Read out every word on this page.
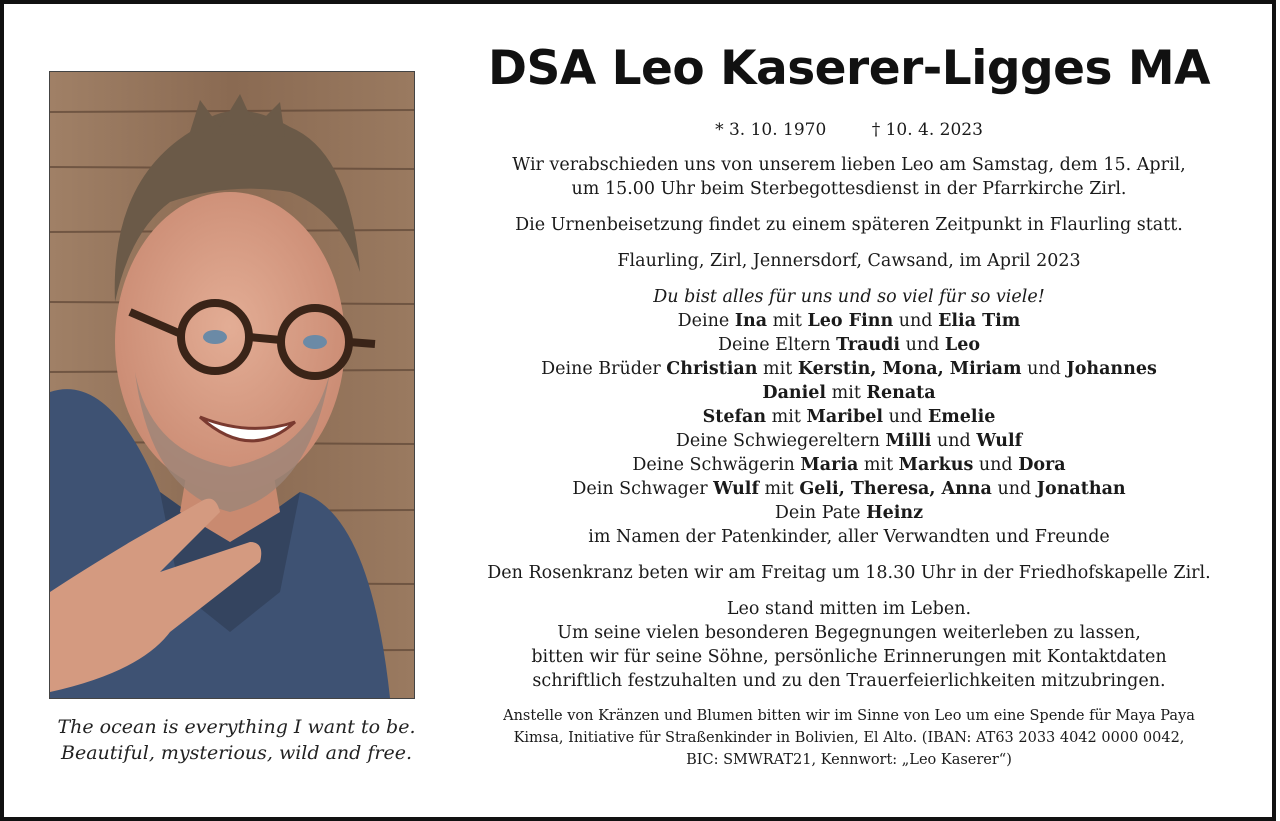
The ocean is everything I want to be.
Beautiful, mysterious, wild and free.
DSA Leo Kaserer-Ligges MA
* 3. 10. 1970	† 10. 4. 2023

Wir verabschieden uns von unserem lieben Leo am Samstag, dem 15. April,

um 15.00 Uhr beim Sterbegottesdienst in der Pfarrkirche Zirl.

Die Urnenbeisetzung findet zu einem späteren Zeitpunkt in Flaurling statt.

Flaurling, Zirl, Jennersdorf, Cawsand, im April 2023

Du bist alles für uns und so viel für so viele!

Deine Ina mit Leo Finn und Elia Tim

Deine Eltern Traudi und Leo

Deine Brüder Christian mit Kerstin, Mona, Miriam und Johannes

Daniel mit Renata

Stefan mit Maribel und Emelie

Deine Schwiegereltern Milli und Wulf

Deine Schwägerin Maria mit Markus und Dora

Dein Schwager Wulf mit Geli, Theresa, Anna und Jonathan

Dein Pate Heinz

im Namen der Patenkinder, aller Verwandten und Freunde

Den Rosenkranz beten wir am Freitag um 18.30 Uhr in der Friedhofskapelle Zirl.

Leo stand mitten im Leben.

Um seine vielen besonderen Begegnungen weiterleben zu lassen,

bitten wir für seine Söhne, persönliche Erinnerungen mit Kontaktdaten

schriftlich festzuhalten und zu den Trauerfeierlichkeiten mitzubringen.

Anstelle von Kränzen und Blumen bitten wir im Sinne von Leo um eine Spende für Maya Paya

Kimsa, Initiative für Straßenkinder in Bolivien, El Alto. (IBAN: AT63 2033 4042 0000 0042,

BIC: SMWRAT21, Kennwort: „Leo Kaserer“)
